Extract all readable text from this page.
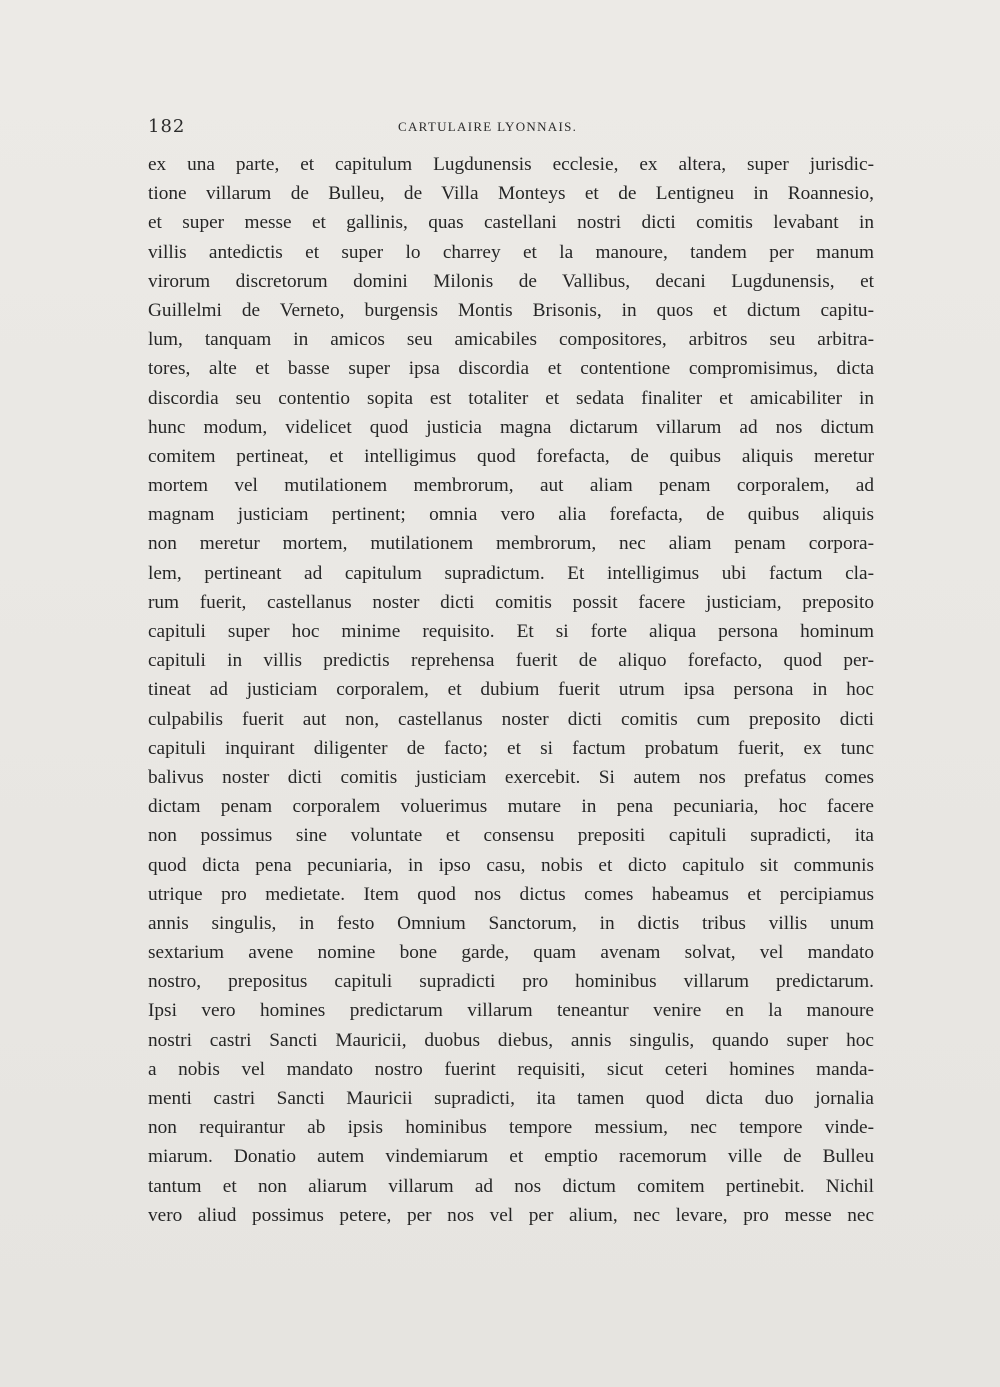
182	CARTULAIRE LYONNAIS.
ex una parte, et capitulum Lugdunensis ecclesie, ex altera, super jurisdic-
tione villarum de Bulleu, de Villa Monteys et de Lentigneu in Roannesio,
et super messe et gallinis, quas castellani nostri dicti comitis levabant in
villis antedictis et super lo charrey et la manoure, tandem per manum
virorum discretorum domini Milonis de Vallibus, decani Lugdunensis, et
Guillelmi de Verneto, burgensis Montis Brisonis, in quos et dictum capitu-
lum, tanquam in amicos seu amicabiles compositores, arbitros seu arbitra-
tores, alte et basse super ipsa discordia et contentione compromisimus, dicta
discordia seu contentio sopita est totaliter et sedata finaliter et amicabiliter in
hunc modum, videlicet quod justicia magna dictarum villarum ad nos dictum
comitem pertineat, et intelligimus quod forefacta, de quibus aliquis meretur
mortem vel mutilationem membrorum, aut aliam penam corporalem, ad
magnam justiciam pertinent; omnia vero alia forefacta, de quibus aliquis
non meretur mortem, mutilationem membrorum, nec aliam penam corpora-
lem, pertineant ad capitulum supradictum. Et intelligimus ubi factum cla-
rum fuerit, castellanus noster dicti comitis possit facere justiciam, preposito
capituli super hoc minime requisito. Et si forte aliqua persona hominum
capituli in villis predictis reprehensa fuerit de aliquo forefacto, quod per-
tineat ad justiciam corporalem, et dubium fuerit utrum ipsa persona in hoc
culpabilis fuerit aut non, castellanus noster dicti comitis cum preposito dicti
capituli inquirant diligenter de facto; et si factum probatum fuerit, ex tunc
balivus noster dicti comitis justiciam exercebit. Si autem nos prefatus comes
dictam penam corporalem voluerimus mutare in pena pecuniaria, hoc facere
non possimus sine voluntate et consensu prepositi capituli supradicti, ita
quod dicta pena pecuniaria, in ipso casu, nobis et dicto capitulo sit communis
utrique pro medietate. Item quod nos dictus comes habeamus et percipiamus
annis singulis, in festo Omnium Sanctorum, in dictis tribus villis unum
sextarium avene nomine bone garde, quam avenam solvat, vel mandato
nostro, prepositus capituli supradicti pro hominibus villarum predictarum.
Ipsi vero homines predictarum villarum teneantur venire en la manoure
nostri castri Sancti Mauricii, duobus diebus, annis singulis, quando super hoc
a nobis vel mandato nostro fuerint requisiti, sicut ceteri homines manda-
menti castri Sancti Mauricii supradicti, ita tamen quod dicta duo jornalia
non requirantur ab ipsis hominibus tempore messium, nec tempore vinde-
miarum. Donatio autem vindemiarum et emptio racemorum ville de Bulleu
tantum et non aliarum villarum ad nos dictum comitem pertinebit. Nichil
vero aliud possimus petere, per nos vel per alium, nec levare, pro messe nec
